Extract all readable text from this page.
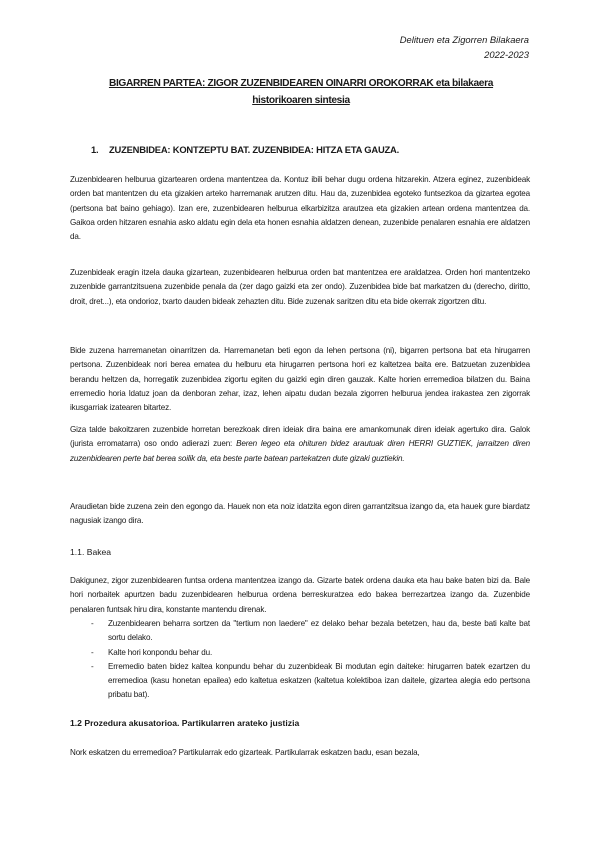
Delituen eta Zigorren Bilakaera
2022-2023
BIGARREN PARTEA: ZIGOR ZUZENBIDEAREN OINARRI OROKORRAK eta bilakaera
historikoaren sintesia
1. ZUZENBIDEA: KONTZEPTU BAT. ZUZENBIDEA: HITZA ETA GAUZA.

Zuzenbidearen helburua gizartearen ordena mantentzea da. Kontuz ibili behar dugu ordena hitzarekin. Atzera eginez, zuzenbideak orden bat mantentzen du eta gizakien arteko harremanak arutzen ditu. Hau da, zuzenbidea egoteko funtsezkoa da gizartea egotea (pertsona bat baino gehiago). Izan ere, zuzenbidearen helburua elkarbizitza arautzea eta gizakien artean ordena mantentzea da. Gaikoa orden hitzaren esnahia asko aldatu egin dela eta honen esnahia aldatzen denean, zuzenbide penalaren esnahia ere aldatzen da.

Zuzenbideak eragin itzela dauka gizartean, zuzenbidearen helburua orden bat mantentzea ere araldatzea. Orden hori mantentzeko zuzenbide garrantzitsuena zuzenbide penala da (zer dago gaizki eta zer ondo). Zuzenbidea bide bat markatzen du (derecho, diritto, droit, dret...), eta ondorioz, txarto dauden bideak zehazten ditu. Bide zuzenak saritzen ditu eta bide okerrak zigortzen ditu.

Bide zuzena harremanetan oinarritzen da. Harremanetan beti egon da lehen pertsona (ni), bigarren pertsona bat eta hirugarren pertsona. Zuzenbideak nori berea ematea du helburu eta hirugarren pertsona hori ez kaltetzea baita ere. Batzuetan zuzenbidea berandu heltzen da, horregatik zuzenbidea zigortu egiten du gaizki egin diren gauzak. Kalte horien erremedioa bilatzen du. Baina erremedio horia ldatuz joan da denboran zehar, izaz, lehen aipatu dudan bezala zigorren helburua jendea irakastea zen zigorrak ikusgarriak izatearen bitartez.

Giza talde bakoitzaren zuzenbide horretan berezkoak diren ideiak dira baina ere amankomunak diren ideiak agertuko dira. Galok (jurista erromatarra) oso ondo adierazi zuen: Beren legeo eta ohituren bidez arautuak diren HERRI GUZTIEK, jarraitzen diren zuzenbidearen perte bat berea soilik da, eta beste parte batean partekatzen dute gizaki guztiekin.

Araudietan bide zuzena zein den egongo da. Hauek non eta noiz idatzita egon diren garrantzitsua izango da, eta hauek gure biardatz nagusiak izango dira.

1.1. Bakea

Dakigunez, zigor zuzenbidearen funtsa ordena mantentzea izango da. Gizarte batek ordena dauka eta hau bake baten bizi da. Bale hori norbaitek apurtzen badu zuzenbidearen helburua ordena berreskuratzea edo bakea berrezartzea izango da. Zuzenbide penalaren funtsak hiru dira, konstante mantendu direnak.

- Zuzenbidearen beharra sortzen da "tertium non laedere" ez delako behar bezala betetzen, hau da, beste bati kalte bat sortu delako.
- Kalte hori konpondu behar du.
- Erremedio baten bidez kaltea konpundu behar du zuzenbideak Bi modutan egin daiteke: hirugarren batek ezartzen du erremedioa (kasu honetan epailea) edo kaltetua eskatzen (kaltetua kolektiboa izan daitele, gizartea alegia edo pertsona pribatu bat).
1.2 Prozedura akusatorioa. Partikularren arateko justizia

Nork eskatzen du erremedioa? Partikularrak edo gizarteak. Partikularrak eskatzen badu, esan bezala,
